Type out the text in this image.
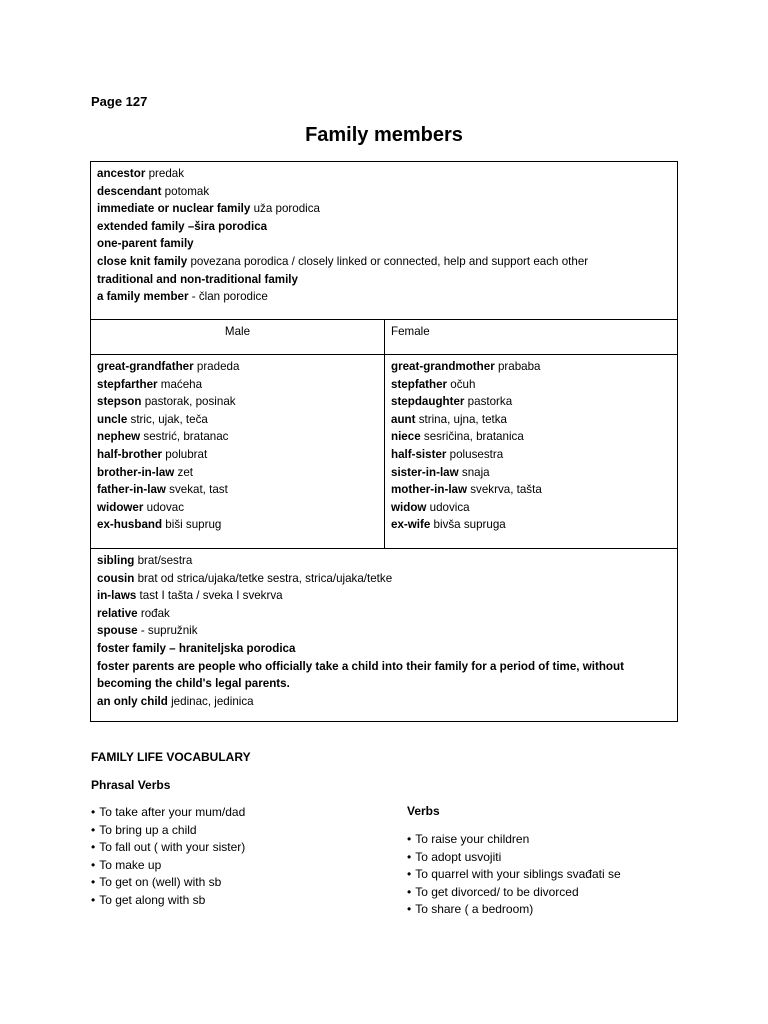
Page 127
Family members
ancestor predak
descendant potomak
immediate or nuclear family uža porodica
extended family –šira porodica
one-parent family
close knit family povezana porodica / closely linked or connected, help and support each other
traditional and non-traditional family
a family member - član porodice
Male	Female
great-grandfather pradeda
stepfarther maćeha
stepson pastorak, posinak
uncle stric, ujak, teča
nephew sestrić, bratanac
half-brother polubrat
brother-in-law zet
father-in-law svekat, tast
widower udovac
ex-husband biši suprug
great-grandmother prababa
stepfather očuh
stepdaughter pastorka
aunt strina, ujna, tetka
niece sesričina, bratanica
half-sister polusestra
sister-in-law snaja
mother-in-law svekrva, tašta
widow udovica
ex-wife bivša supruga
sibling brat/sestra
cousin brat od strica/ujaka/tetke sestra, strica/ujaka/tetke
in-laws tast I tašta / sveka I svekrva
relative rođak
spouse - supružnik
foster family – hraniteljska porodica
foster parents are people who officially take a child into their family for a period of time, without
becoming the child's legal parents.
an only child jedinac, jedinica
FAMILY LIFE VOCABULARY
Phrasal Verbs
• To take after your mum/dad
• To bring up a child
• To fall out ( with your sister)
• To make up
• To get on (well) with sb
• To get along with sb
Verbs
• To raise your children
• To adopt usvojiti
• To quarrel with your siblings svađati se
• To get divorced/ to be divorced
• To share ( a bedroom)
